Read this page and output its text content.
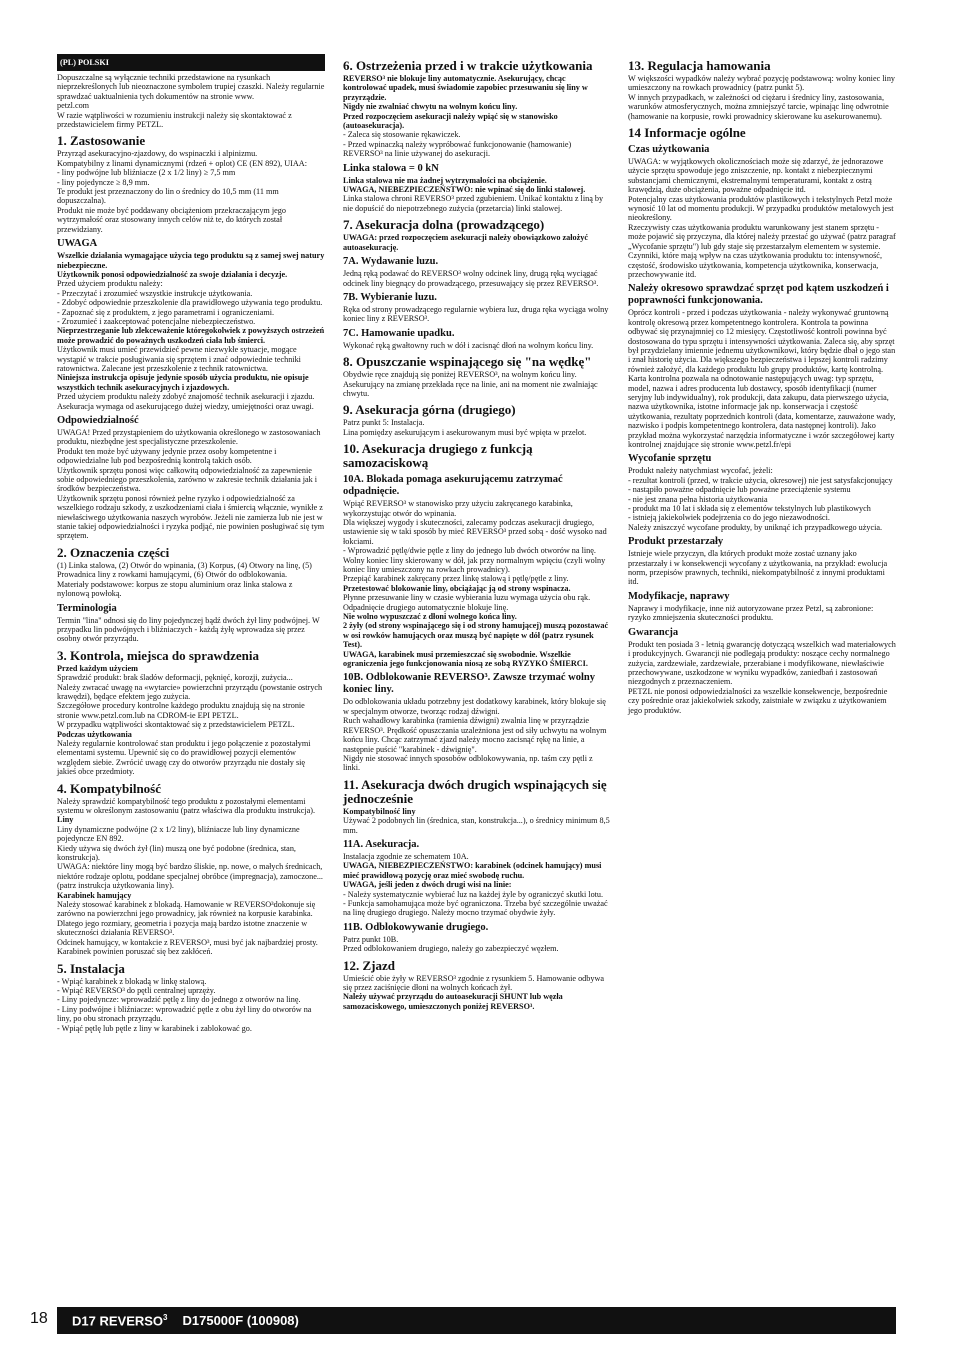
(PL) POLSKI
Dopuszczalne są wyłącznie techniki przedstawione na rysunkach nieprzekreślonych lub nieoznaczone symbolem trupiej czaszki. Należy regularnie sprawdzać uaktualnienia tych dokumentów na stronie www.
petzl.com
W razie wątpliwości w rozumieniu instrukcji należy się skontaktować z przedstawicielem firmy PETZL.
1. Zastosowanie
Przyrząd asekuracyjno-zjazdowy, do wspinaczki i alpinizmu.
Kompatybilny z linami dynamicznymi (rdzeń + oplot) CE (EN 892), UIAA:
- liny podwójne lub bliźniacze (2 x 1/2 liny) ≥ 7,5 mm
- liny pojedyncze ≥ 8,9 mm.
Te produkt jest przeznaczony do lin o średnicy do 10,5 mm (11 mm dopuszczalna).
Produkt nie może być poddawany obciążeniom przekraczającym jego wytrzymałość oraz stosowany innych celów niż te, do których został przewidziany.
UWAGA
Wszelkie działania wymagające użycia tego produktu są z samej swej natury niebezpieczne.
Użytkownik ponosi odpowiedzialność za swoje działania i decyzje.
Przed użyciem produktu należy:
- Przeczytać i zrozumieć wszystkie instrukcje użytkowania.
- Zdobyć odpowiednie przeszkolenie dla prawidłowego używania tego produktu.
- Zapoznać się z produktem, z jego parametrami i ograniczeniami.
- Zrozumieć i zaakceptować potencjalne niebezpieczeństwo.
Nieprzestrzeganie lub zlekceważenie któregokolwiek z powyższych ostrzeżeń może prowadzić do poważnych uszkodzeń ciała lub śmierci.
Użytkownik musi umieć przewidzieć pewne niezwykłe sytuacje, mogące wystąpić w trakcie posługiwania się sprzętem i znać odpowiednie techniki ratownictwa. Zalecane jest przeszkolenie z technik ratownictwa.
Niniejsza instrukcja opisuje jedynie sposób użycia produktu, nie opisuje wszystkich technik asekuracyjnych i zjazdowych.
Przed użyciem produktu należy zdobyć znajomość technik asekuracji i zjazdu. Asekuracja wymaga od asekurującego dużej wiedzy, umiejętności oraz uwagi.
Odpowiedzialność
UWAGA! Przed przystąpieniem do użytkowania określonego w zastosowaniach produktu, niezbędne jest specjalistyczne przeszkolenie.
Produkt ten może być używany jedynie przez osoby kompetentne i odpowiedzialne lub pod bezpośrednią kontrolą takich osób.
Użytkownik sprzętu ponosi więc całkowitą odpowiedzialność za zapewnienie sobie odpowiedniego przeszkolenia, zarówno w zakresie technik działania jak i środków bezpieczeństwa.
Użytkownik sprzętu ponosi również pełne ryzyko i odpowiedzialność za wszelkiego rodzaju szkody, z uszkodzeniami ciała i śmiercią włącznie, wynikłe z niewłaściwego użytkowania naszych wyrobów. Jeżeli nie zamierza lub nie jest w stanie takiej odpowiedzialności i ryzyka podjąć, nie powinien posługiwać się tym sprzętem.
2. Oznaczenia części
(1) Linka stalowa, (2) Otwór do wpinania, (3) Korpus, (4) Otwory na linę, (5) Prowadnica liny z rowkami hamującymi, (6) Otwór do odblokowania.
Materiały podstawowe: korpus ze stopu aluminium oraz linka stalowa z nylonową powłoką.
Terminologia
Termin "lina" odnosi się do liny pojedynczej bądź dwóch żył liny podwójnej. W przypadku lin podwójnych i bliźniaczych - każdą żyłę wprowadza się przez osobny otwór przyrządu.
3. Kontrola, miejsca do sprawdzenia
Przed każdym użyciem
Sprawdzić produkt: brak śladów deformacji, pęknięć, korozji, zużycia...
Należy zwracać uwagę na «wytarcie» powierzchni przyrządu (powstanie ostrych krawędzi), będące efektem jego zużycia.
Szczegółowe procedury kontrolne każdego produktu znajdują się na stronie stronie www.petzl.com.lub na CDROM-ie EPI PETZL.
W przypadku wątpliwości skontaktować się z przedstawicielem PETZL.
Podczas użytkowania
Należy regularnie kontrolować stan produktu i jego połączenie z pozostałymi elementami systemu. Upewnić się co do prawidłowej pozycji elementów względem siebie. Zwrócić uwagę czy do otworów przyrządu nie dostały się jakieś obce przedmioty.
4. Kompatybilność
Należy sprawdzić kompatybilność tego produktu z pozostałymi elementami systemu w określonym zastosowaniu (patrz właściwa dla produktu instrukcja).
Liny
Liny dynamiczne podwójne (2 x 1/2 liny), bliźniacze lub liny dynamiczne pojedyncze EN 892.
Kiedy używa się dwóch żył (lin) muszą one być podobne (średnica, stan, konstrukcja).
UWAGA: niektóre liny mogą być bardzo śliskie, np. nowe, o małych średnicach, niektóre rodzaje oplotu, poddane specjalnej obróbce (impregnacja), zamoczone... (patrz instrukcja użytkowania liny).
Karabinek hamujący
Należy stosować karabinek z blokadą. Hamowanie w REVERSO³dokonuje się zarówno na powierzchni jego prowadnicy, jak również na korpusie karabinka. Dlatego jego rozmiary, geometria i pozycja mają bardzo istotne znaczenie w skuteczności działania REVERSO³.
Odcinek hamujący, w kontakcie z REVERSO³, musi być jak najbardziej prosty.
Karabinek powinien poruszać się bez zakłóceń.
5. Instalacja
- Wpiąć karabinek z blokadą w linkę stalową.
- Wpiąć REVERSO³ do pętli centralnej uprzęży.
- Liny pojedyncze: wprowadzić pętlę z liny do jednego z otworów na linę.
- Liny podwójne i bliźniacze: wprowadzić pętle z obu żył liny do otworów na liny, po obu stronach przyrządu.
- Wpiąć pętlę lub pętle z liny w karabinek i zablokować go.
6. Ostrzeżenia przed i w trakcie użytkowania
REVERSO³ nie blokuje liny automatycznie. Asekurujący, chcąc kontrolować upadek, musi świadomie zapobiec przesuwaniu się liny w przyrządzie.
Nigdy nie zwalniać chwytu na wolnym końcu liny.
Przed rozpoczęciem asekuracji należy wpiąć się w stanowisko (autoasekuracja).
- Zaleca się stosowanie rękawiczek.
- Przed wpinaczką należy wypróbować funkcjonowanie (hamowanie) REVERSO³ na linie używanej do asekuracji.
Linka stalowa = 0 kN
Linka stalowa nie ma żadnej wytrzymałości na obciążenie.
UWAGA, NIEBEZPIECZEŃSTWO: nie wpinać się do linki stalowej.
Linka stalowa chroni REVERSO³ przed zgubieniem. Unikać kontaktu z liną by nie dopuścić do niepotrzebnego zużycia (przetarcia) linki stalowej.
7. Asekuracja dolna (prowadzącego)
UWAGA: przed rozpoczęciem asekuracji należy obowiązkowo założyć autoasekurację.
7A. Wydawanie luzu.
Jedną ręką podawać do REVERSO³ wolny odcinek liny, drugą ręką wyciągać odcinek liny biegnący do prowadzącego, przesuwający się przez REVERSO³.
7B. Wybieranie luzu.
Ręka od strony prowadzącego regularnie wybiera luz, druga ręka wyciąga wolny koniec liny z REVERSO³.
7C. Hamowanie upadku.
Wykonać ręką gwałtowny ruch w dół i zacisnąć dłoń na wolnym końcu liny.
8. Opuszczanie wspinającego się "na wędkę"
Obydwie ręce znajdują się poniżej REVERSO³, na wolnym końcu liny. Asekurujący na zmianę przekłada ręce na linie, ani na moment nie zwalniając chwytu.
9. Asekuracja górna (drugiego)
Patrz punkt 5: Instalacja.
Lina pomiędzy asekurującym i asekurowanym musi być wpięta w przelot.
10. Asekuracja drugiego z funkcją samozaciskową
10A. Blokada pomaga asekurującemu zatrzymać odpadnięcie.
Wpiąć REVERSO³ w stanowisko przy użyciu zakręcanego karabinka, wykorzystując otwór do wpinania.
Dla większej wygody i skuteczności, zalecamy podczas asekuracji drugiego, ustawienie się w taki sposób by mieć REVERSO³ przed sobą - dość wysoko nad łokciami.
- Wprowadzić pętlę/dwie pętle z liny do jednego lub dwóch otworów na linę.
Wolny koniec liny skierowany w dół, jak przy normalnym wpięciu (czyli wolny koniec liny umieszczony na rowkach prowadnicy).
Przepiąć karabinek zakręcany przez linkę stalową i pętlę/pętle z liny.
Przetestować blokowanie liny, obciążając ją od strony wspinacza.
Płynne przesuwanie liny w czasie wybierania luzu wymaga użycia obu rąk. Odpadnięcie drugiego automatycznie blokuje linę.
Nie wolno wypuszczać z dłoni wolnego końca liny.
2 żyły (od strony wspinającego się i od strony hamującej) muszą pozostawać w osi rowków hamujących oraz muszą być napięte w dół (patrz rysunek Test).
UWAGA, karabinek musi przemieszczać się swobodnie. Wszelkie ograniczenia jego funkcjonowania niosą ze sobą RYZYKO ŚMIERCI.
10B. Odblokowanie REVERSO³. Zawsze trzymać wolny koniec liny.
Do odblokowania układu potrzebny jest dodatkowy karabinek, który blokuje się w specjalnym otworze, tworząc rodzaj dźwigni.
Ruch wahadłowy karabinka (ramienia dźwigni) zwalnia linę w przyrządzie REVERSO³. Prędkość opuszczania uzależniona jest od siły uchwytu na wolnym końcu liny. Chcąc zatrzymać zjazd należy mocno zacisnąć rękę na linie, a następnie puścić "karabinek - dźwignię".
Nigdy nie stosować innych sposobów odblokowywania, np. taśm czy pętli z linki.
11. Asekuracja dwóch drugich wspinających się jednocześnie
Kompatybilność liny
Używać 2 podobnych lin (średnica, stan, konstrukcja...), o średnicy minimum 8,5 mm.
11A. Asekuracja.
Instalacja zgodnie ze schematem 10A.
UWAGA, NIEBEZPIECZEŃSTWO: karabinek (odcinek hamujący) musi mieć prawidłową pozycję oraz mieć swobodę ruchu.
UWAGA, jeśli jeden z dwóch drugi wisi na linie:
- Należy systematycznie wybierać luz na każdej żyle by ograniczyć skutki lotu.
- Funkcja samohamująca może być ograniczona. Trzeba być szczególnie uważać na linę drugiego drugiego. Należy mocno trzymać obydwie żyły.
11B. Odblokowywanie drugiego.
Patrz punkt 10B.
Przed odblokowaniem drugiego, należy go zabezpieczyć węzłem.
12. Zjazd
Umieścić obie żyły w REVERSO³ zgodnie z rysunkiem 5. Hamowanie odbywa się przez zaciśnięcie dłoni na wolnych końcach żył.
Należy używać przyrządu do autoasekuracji SHUNT lub węzła samozaciskowego, umieszczonych poniżej REVERSO³.
13. Regulacja hamowania
W większości wypadków należy wybrać pozycję podstawową: wolny koniec liny umieszczony na rowkach prowadnicy (patrz punkt 5).
W innych przypadkach, w zależności od ciężaru i średnicy liny, zastosowania, warunków atmosferycznych, można zmniejszyć tarcie, wpinając linę odwrotnie (hamowanie na korpusie, rowki prowadnicy skierowane ku asekurowanemu).
14 Informacje ogólne
Czas użytkowania
UWAGA: w wyjątkowych okolicznościach może się zdarzyć, że jednorazowe użycie sprzętu spowoduje jego zniszczenie, np. kontakt z niebezpiecznymi substancjami chemicznymi, ekstremalnymi temperaturami, kontakt z ostrą krawędzią, duże obciążenia, poważne odpadnięcie itd.
Potencjalny czas użytkowania produktów plastikowych i tekstylnych Petzl może wynosić 10 lat od momentu produkcji. W przypadku produktów metalowych jest nieokreślony.
Rzeczywisty czas użytkowania produktu warunkowany jest stanem sprzętu - może pojawić się przyczyna, dla której należy przestać go używać (patrz paragraf „Wycofanie sprzętu") lub gdy staje się przestarzałym elementem w systemie.
Czynniki, które mają wpływ na czas użytkowania produktu to: intensywność, częstość, środowisko użytkowania, kompetencja użytkownika, konserwacja, przechowywanie itd.
Należy okresowo sprawdzać sprzęt pod kątem uszkodzeń i poprawności funkcjonowania.
Oprócz kontroli - przed i podczas użytkowania - należy wykonywać gruntowną kontrolę okresową przez kompetentnego kontrolera. Kontrola ta powinna odbywać się przynajmniej co 12 miesięcy. Częstotliwość kontroli powinna być dostosowana do typu sprzętu i intensywności użytkowania. Zaleca się, aby sprzęt był przydzielany imiennie jednemu użytkownikowi, który będzie dbał o jego stan i znał historię użycia. Dla większego bezpieczeństwa i lepszej kontroli radzimy również założyć, dla każdego produktu lub grupy produktów, kartę kontrolną. Karta kontrolna pozwala na odnotowanie następujących uwag: typ sprzętu, model, nazwa i adres producenta lub dostawcy, sposób identyfikacji (numer seryjny lub indywidualny), rok produkcji, data zakupu, data pierwszego użycia, nazwa użytkownika, istotne informacje jak np. konserwacja i częstość użytkowania, rezultaty poprzednich kontroli (data, komentarze, zauważone wady, nazwisko i podpis kompetentnego kontrolera, data następnej kontroli). Jako przykład można wykorzystać narzędzia informatyczne i wzór szczegółowej karty kontrolnej znajdujące się stronie www.petzl.fr/epi
Wycofanie sprzętu
Produkt należy natychmiast wycofać, jeżeli:
- rezultat kontroli (przed, w trakcie użycia, okresowej) nie jest satysfakcjonujący
- nastąpiło poważne odpadnięcie lub poważne przeciążenie systemu
- nie jest znana pełna historia użytkowania
- produkt ma 10 lat i składa się z elementów tekstylnych lub plastikowych
- istnieją jakiekolwiek podejrzenia co do jego niezawodności.
Należy zniszczyć wycofane produkty, by uniknąć ich przypadkowego użycia.
Produkt przestarzały
Istnieje wiele przyczyn, dla których produkt może zostać uznany jako przestarzały i w konsekwencji wycofany z użytkowania, na przykład: ewolucja norm, przepisów prawnych, techniki, niekompatybilność z innymi produktami itd.
Modyfikacje, naprawy
Naprawy i modyfikacje, inne niż autoryzowane przez Petzl, są zabronione: ryzyko zmniejszenia skuteczności produktu.
Gwarancja
Produkt ten posiada 3 - letnią gwarancję dotyczącą wszelkich wad materiałowych i produkcyjnych. Gwarancji nie podlegają produkty: noszące cechy normalnego zużycia, zardzewiałe, zardzewiałe, przerabiane i modyfikowane, niewłaściwie przechowywane, uszkodzone w wyniku wypadków, zaniedbań i zastosowań niezgodnych z przeznaczeniem.
PETZL nie ponosi odpowiedzialności za wszelkie konsekwencje, bezpośrednie czy pośrednie oraz jakiekolwiek szkody, zaistniałe w związku z użytkowaniem jego produktów.
18 D17 REVERSO$^3$ D175000F (100908)
